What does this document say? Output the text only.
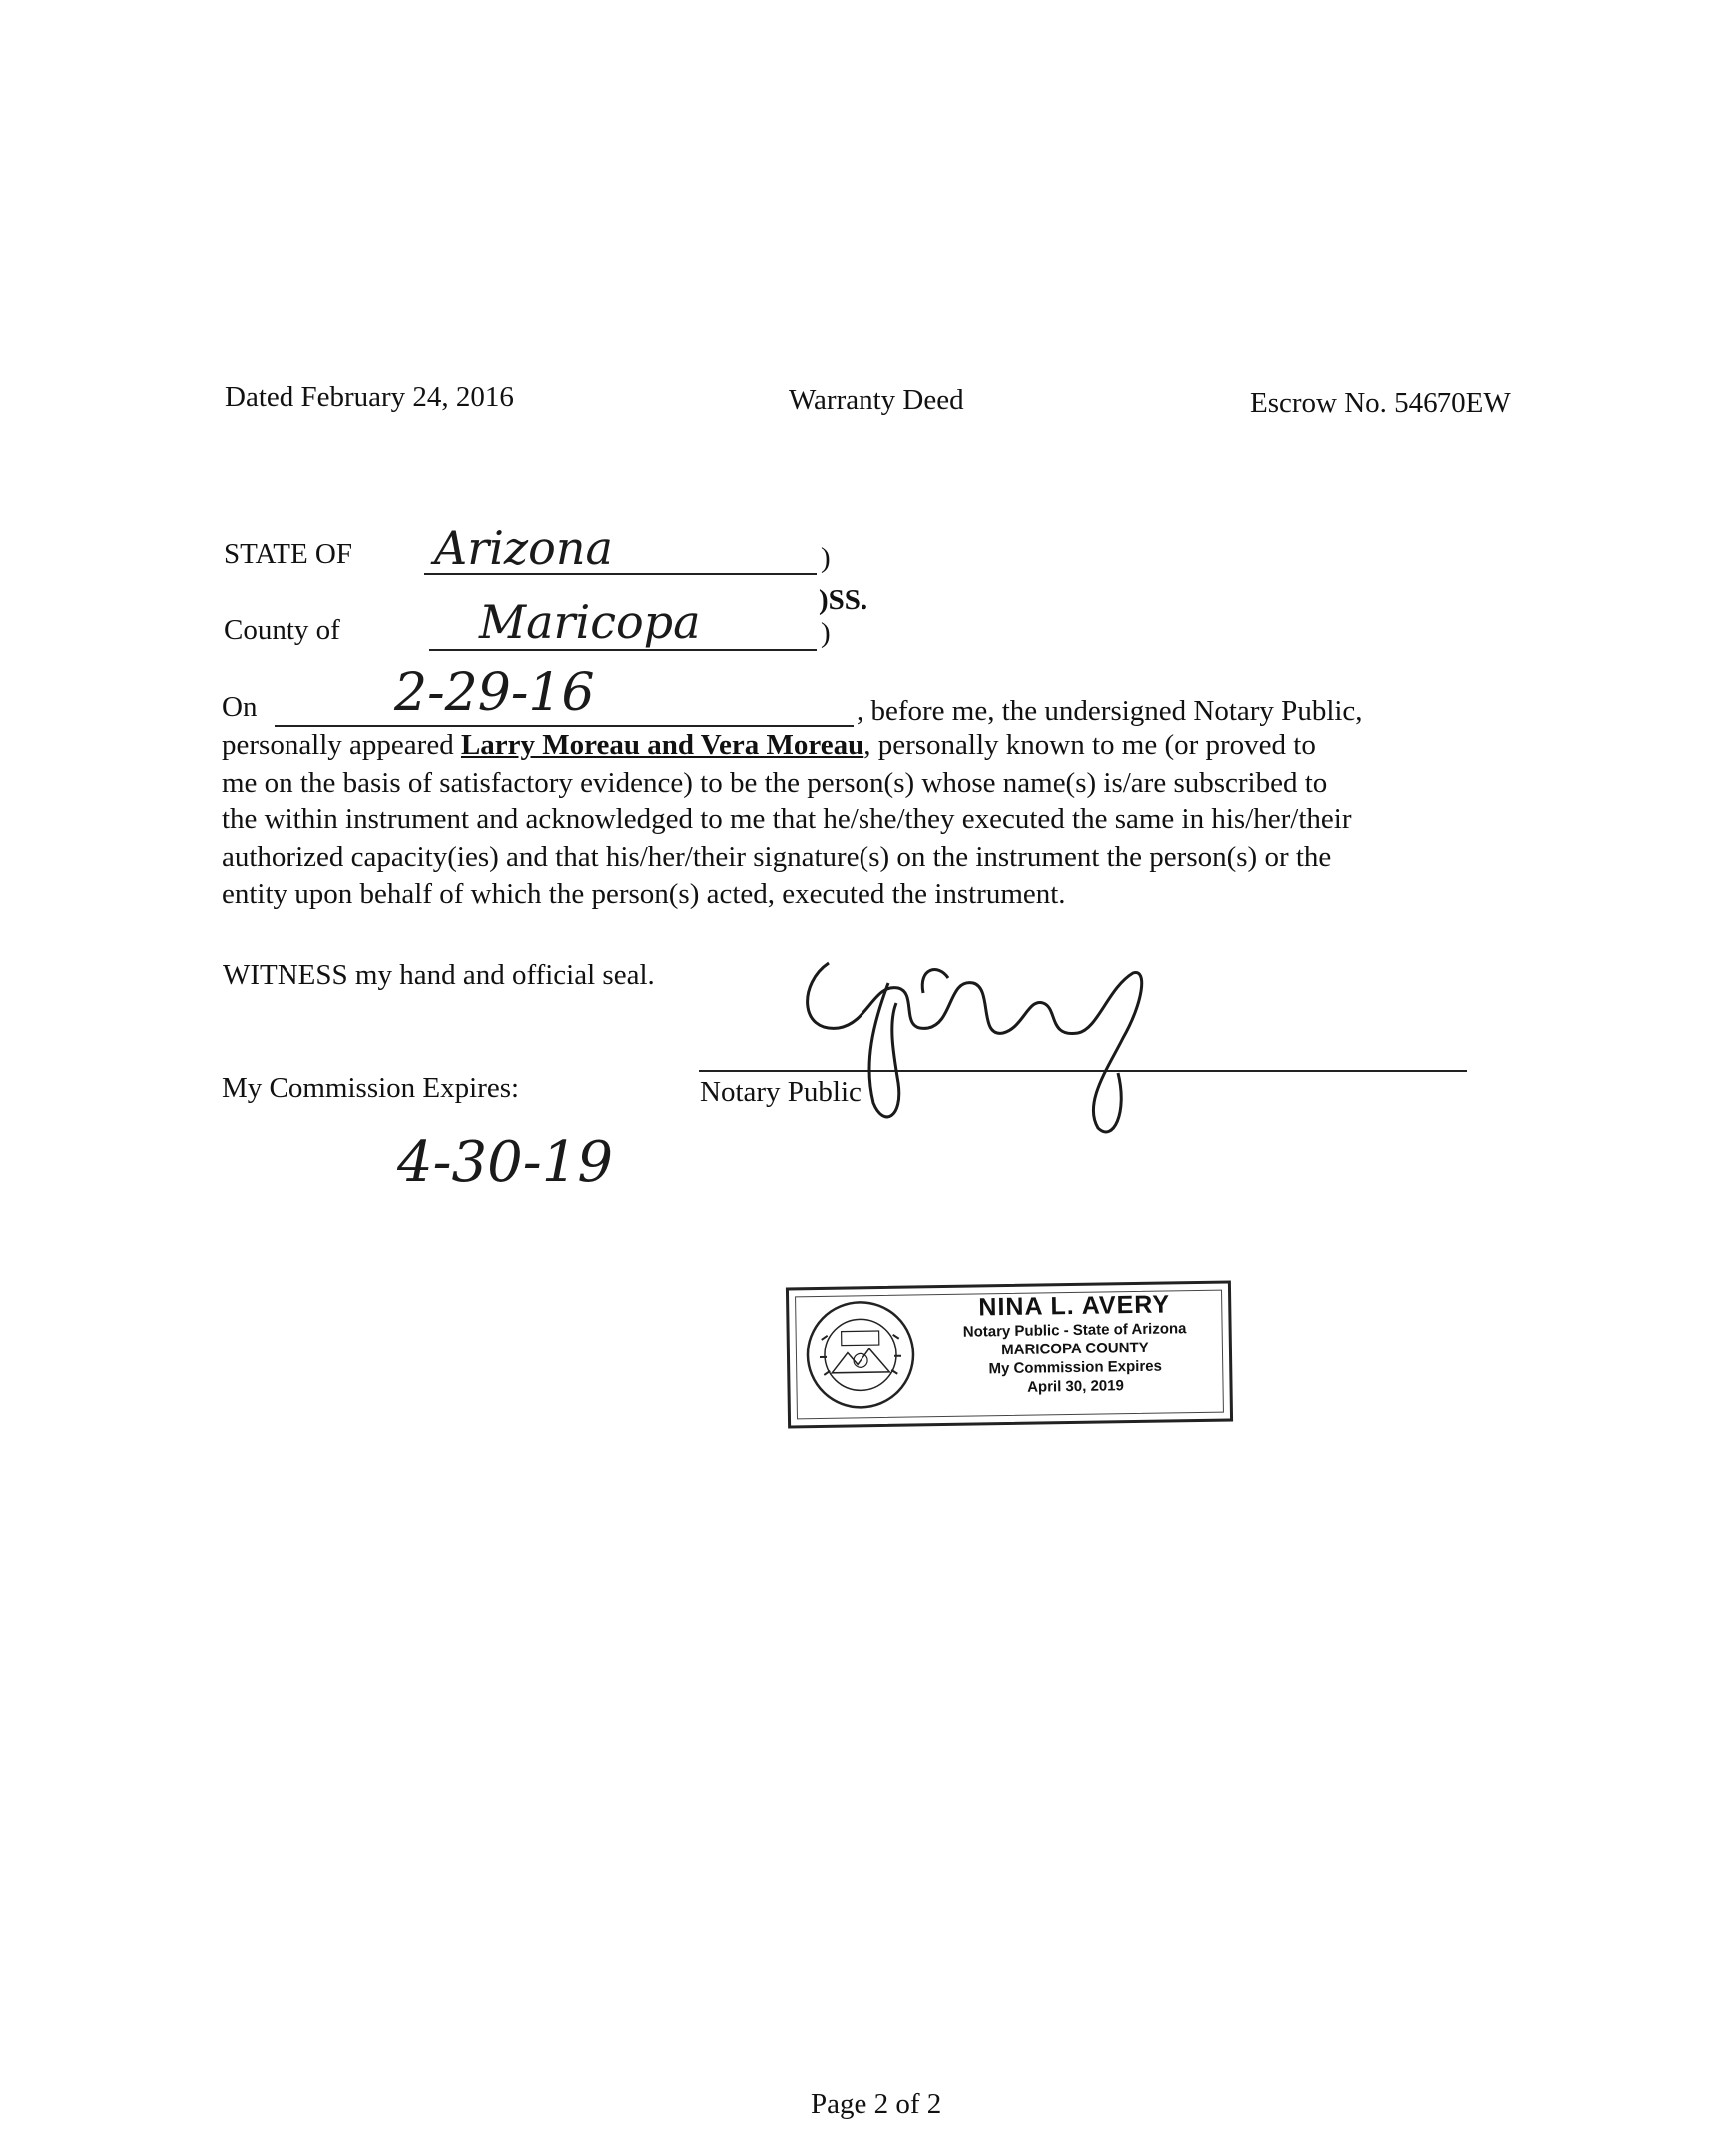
Dated February 24, 2016	Warranty Deed	Escrow No. 54670EW
STATE OF Arizona	)
)SS.
County of	Maricopa	)
On	2-29-16	, before me, the undersigned Notary Public,
personally appeared Larry Moreau and Vera Moreau, personally known to me (or proved to
me on the basis of satisfactory evidence) to be the person(s) whose name(s) is/are subscribed to
the within instrument and acknowledged to me that he/she/they executed the same in his/her/their
authorized capacity(ies) and that his/her/their signature(s) on the instrument the person(s) or the
entity upon behalf of which the person(s) acted, executed the instrument.
WITNESS my hand and official seal.
My Commission Expires:
4-30-19
Notary Public
NINA L. AVERY
Notary Public - State of Arizona
MARICOPA COUNTY
My Commission Expires
April 30, 2019
Page 2 of 2
